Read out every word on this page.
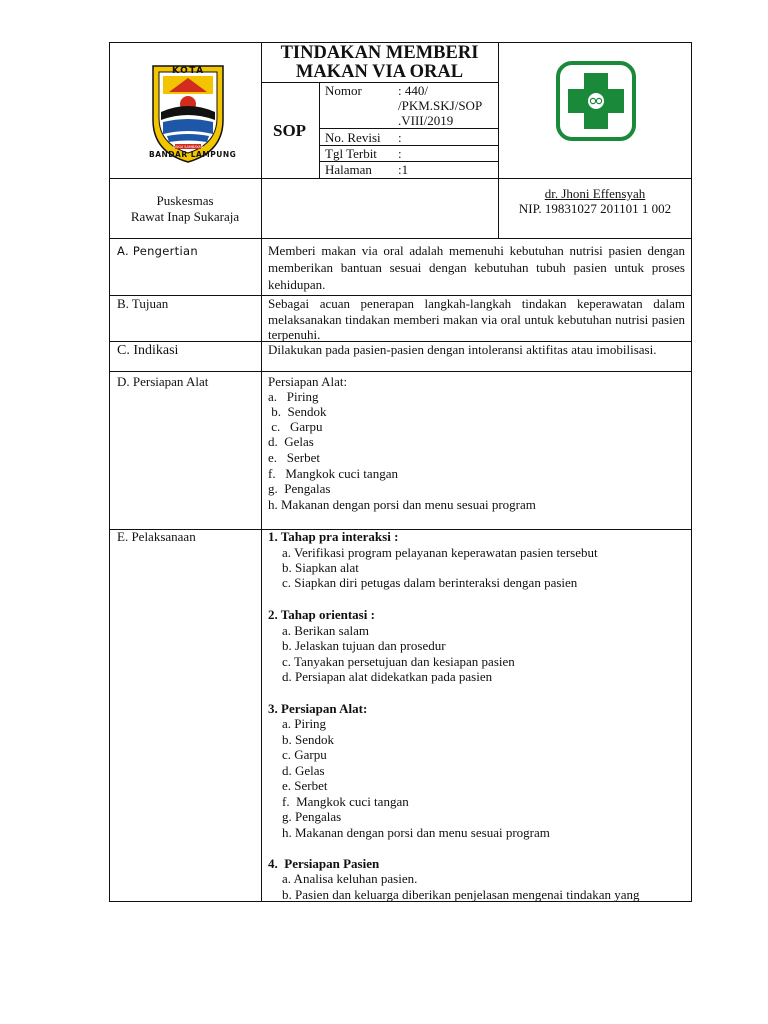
SAKAI SAMBAYAN
KOTA
BANDAR LAMPUNG
TINDAKAN MEMBERI
MAKAN VIA ORAL
SOP
Nomor	: 440/
/PKM.SKJ/SOP
.VIII/2019
No. Revisi :
Tgl Terbit :
Halaman :1
Puskesmas
Rawat Inap Sukaraja
dr. Jhoni Effensyah
NIP. 19831027 201101 1 002
A. Pengertian	Memberi makan via oral adalah memenuhi kebutuhan nutrisi pasien dengan memberikan bantuan sesuai dengan kebutuhan tubuh pasien untuk proses kehidupan.
B. Tujuan	Sebagai acuan penerapan langkah-langkah tindakan keperawatan dalam melaksanakan tindakan memberi makan via oral untuk kebutuhan nutrisi pasien terpenuhi.
C. Indikasi	Dilakukan pada pasien-pasien dengan intoleransi aktifitas atau imobilisasi.
D. Persiapan Alat	Persiapan Alat:
a.   Piring
b.  Sendok
c.   Garpu
d.  Gelas
e.   Serbet
f.   Mangkok cuci tangan
g.  Pengalas
h. Makanan dengan porsi dan menu sesuai program
E. Pelaksanaan	1. Tahap pra interaksi :
a. Verifikasi program pelayanan keperawatan pasien tersebut
b. Siapkan alat
c. Siapkan diri petugas dalam berinteraksi dengan pasien
2. Tahap orientasi :
a. Berikan salam
b. Jelaskan tujuan dan prosedur
c. Tanyakan persetujuan dan kesiapan pasien
d. Persiapan alat didekatkan pada pasien
3. Persiapan Alat:
a. Piring
b. Sendok
c. Garpu
d. Gelas
e. Serbet
f.  Mangkok cuci tangan
g. Pengalas
h. Makanan dengan porsi dan menu sesuai program
4.  Persiapan Pasien
a. Analisa keluhan pasien.
b. Pasien dan keluarga diberikan penjelasan mengenai tindakan yang
